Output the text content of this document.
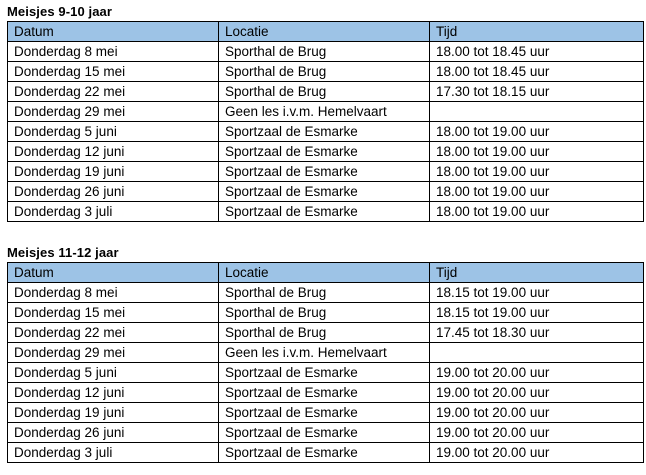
Meisjes 9-10 jaar
Datum	Locatie	Tijd
Donderdag 8 mei	Sporthal de Brug	18.00 tot 18.45 uur
Donderdag 15 mei	Sporthal de Brug	18.00 tot 18.45 uur
Donderdag 22 mei	Sporthal de Brug	17.30 tot 18.15 uur
Donderdag 29 mei	Geen les i.v.m. Hemelvaart	
Donderdag 5 juni	Sportzaal de Esmarke	18.00 tot 19.00 uur
Donderdag 12 juni	Sportzaal de Esmarke	18.00 tot 19.00 uur
Donderdag 19 juni	Sportzaal de Esmarke	18.00 tot 19.00 uur
Donderdag 26 juni	Sportzaal de Esmarke	18.00 tot 19.00 uur
Donderdag 3 juli	Sportzaal de Esmarke	18.00 tot 19.00 uur
Meisjes 11-12 jaar
Datum	Locatie	Tijd
Donderdag 8 mei	Sporthal de Brug	18.15 tot 19.00 uur
Donderdag 15 mei	Sporthal de Brug	18.15 tot 19.00 uur
Donderdag 22 mei	Sporthal de Brug	17.45 tot 18.30 uur
Donderdag 29 mei	Geen les i.v.m. Hemelvaart	
Donderdag 5 juni	Sportzaal de Esmarke	19.00 tot 20.00 uur
Donderdag 12 juni	Sportzaal de Esmarke	19.00 tot 20.00 uur
Donderdag 19 juni	Sportzaal de Esmarke	19.00 tot 20.00 uur
Donderdag 26 juni	Sportzaal de Esmarke	19.00 tot 20.00 uur
Donderdag 3 juli	Sportzaal de Esmarke	19.00 tot 20.00 uur
